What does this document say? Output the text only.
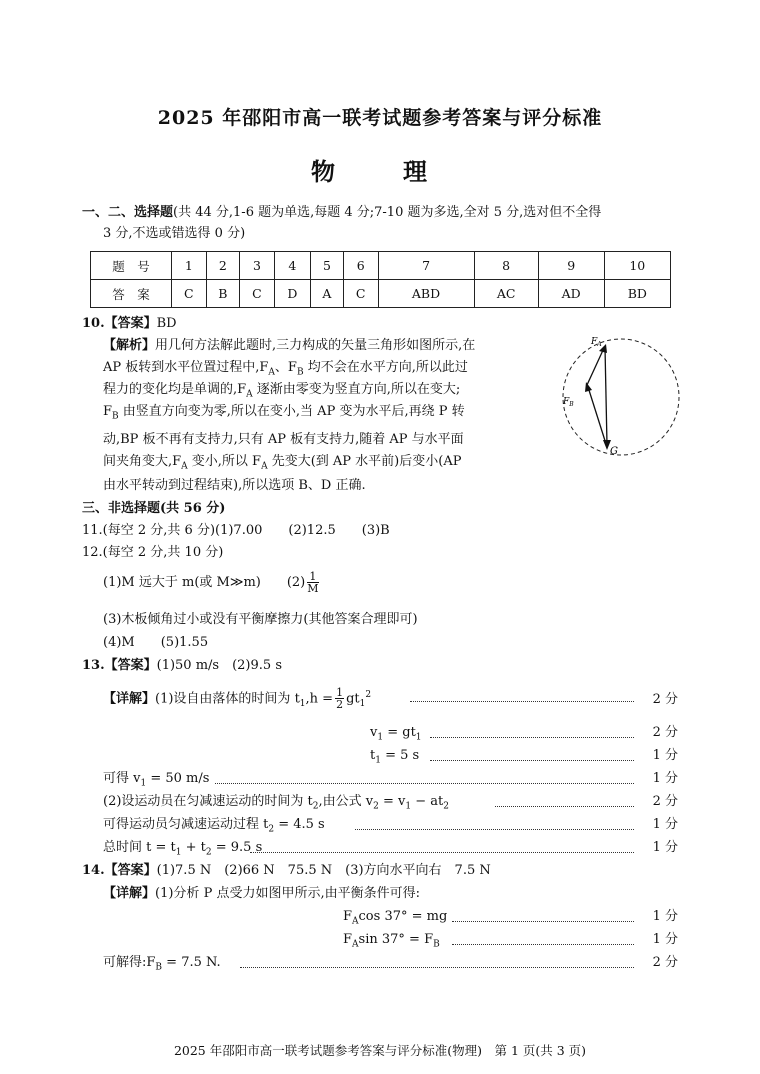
2025 年邵阳市高一联考试题参考答案与评分标准
物　理
一、二、选择题(共 44 分,1-6 题为单选,每题 4 分;7-10 题为多选,全对 5 分,选对但不全得
3 分,不选或错选得 0 分)
题　号	1	2	3	4	5	6	7	8	9	10
答　案	C	B	C	D	A	C	ABD	AC	AD	BD
10.【答案】BD
【解析】用几何方法解此题时,三力构成的矢量三角形如图所示,在
AP 板转到水平位置过程中$,F_A$、$F_B$ 均不会在水平方向,所以此过
程力的变化均是单调的$,F_A$ 逐渐由零变为竖直方向,所以在变大;
$F_B$ 由竖直方向变为零,所以在变小,当 AP 变为水平后,再绕 P 转
动,BP 板不再有支持力,只有 AP 板有支持力,随着 AP 与水平面
间夹角变大$,F_A$ 变小,所以 $F_A$ 先变大(到 AP 水平前)后变小(AP
由水平转动到过程结束),所以选项 B、D 正确.
$F_A$
$F_B$
G
三、非选择题(共 56 分)
11.(每空 2 分,共 6 分)(1)7.00　　(2)12.5　　(3)B
12.(每空 2 分,共 10 分)
(1)M 远大于 m(或 M≫m)　　$(2) \frac{1}{M}$
(3)木板倾角过小或没有平衡摩擦力(其他答案合理即可)
(4)M　　(5)1.55
13.【答案】(1)50 m/s　(2)9.5 s
【详解】(1)设自由落体的时间为 $t_1,h = \frac{1}{2} gt_1^2$	2 分
$v_1 = gt_1$	2 分
$t_1 = 5$ s	1 分
可得 $v_1 = 50$ m/s	1 分
(2)设运动员在匀减速运动的时间为 $t_2$,由公式 $v_2 = v_1 - at_2$	2 分
可得运动员匀减速运动过程 $t_2 = 4.5$ s	1 分
总时间 $t = t_1 + t_2 = 9.5$ s	1 分
14.【答案】(1)7.5 N　(2)66 N　75.5 N　(3)方向水平向右　7.5 N
【详解】(1)分析 P 点受力如图甲所示,由平衡条件可得:
$F_A\cos$ 37° = mg	1 分
$F_A\sin$ $37^\circ = F_B$	1 分
可解得$:F_B = 7.5$ N.	2 分
2025 年邵阳市高一联考试题参考答案与评分标准(物理)　第 1 页(共 3 页)
